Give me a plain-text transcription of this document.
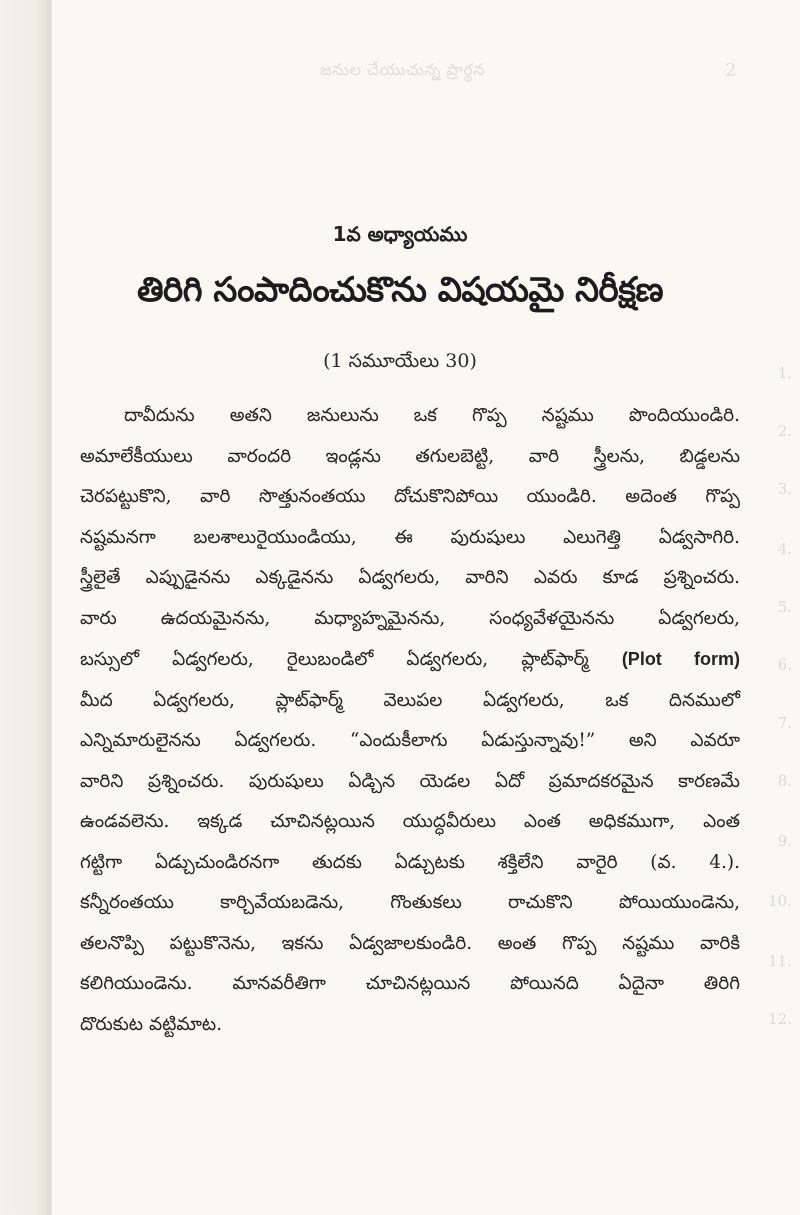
జనుల చేయుచున్న ప్రార్థన	2
1.
2.
3.
4.
5.
6.
7.
8.
9.
10.
11.
12.
1వ అధ్యాయము
తిరిగి సంపాదించుకొను విషయమై నిరీక్షణ
(1 సమూయేలు 30)
దావీదును అతని జనులును ఒక గొప్ప నష్టము పొందియుండిరి.
అమాలేకీయులు వారందరి ఇండ్లను తగులబెట్టి, వారి స్త్రీలను, బిడ్డలను
చెరపట్టుకొని, వారి సొత్తునంతయు దోచుకొనిపోయి యుండిరి. అదెంత గొప్ప
నష్టమనగా బలశాలురైయుండియు, ఈ పురుషులు ఎలుగెత్తి ఏడ్వసాగిరి.
స్త్రీలైతే ఎప్పుడైనను ఎక్కడైనను ఏడ్వగలరు, వారిని ఎవరు కూడ ప్రశ్నించరు.
వారు ఉదయమైనను, మధ్యాహ్నమైనను, సంధ్యవేళయైనను ఏడ్వగలరు,
బస్సులో ఏడ్వగలరు, రైలుబండిలో ఏడ్వగలరు, ప్లాట్‌ఫార్మ్ (Plot form)
మీద ఏడ్వగలరు, ప్లాట్‌ఫార్మ్ వెలుపల ఏడ్వగలరు, ఒక దినములో
ఎన్నిమారులైనను ఏడ్వగలరు. “ఎందుకీలాగు ఏడుస్తున్నావు!” అని ఎవరూ
వారిని ప్రశ్నించరు. పురుషులు ఏడ్చిన యెడల ఏదో ప్రమాదకరమైన కారణమే
ఉండవలెను. ఇక్కడ చూచినట్లయిన యుద్ధవీరులు ఎంత అధికముగా, ఎంత
గట్టిగా ఏడ్చుచుండిరనగా తుదకు ఏడ్చుటకు శక్తిలేని వారైరి (వ. 4.).
కన్నీరంతయు కార్చివేయబడెను, గొంతుకలు రాచుకొని పోయియుండెను,
తలనొప్పి పట్టుకొనెను, ఇకను ఏడ్వజాలకుండిరి. అంత గొప్ప నష్టము వారికి
కలిగియుండెను. మానవరీతిగా చూచినట్లయిన పోయినది ఏదైనా తిరిగి
దొరుకుట వట్టిమాట.
